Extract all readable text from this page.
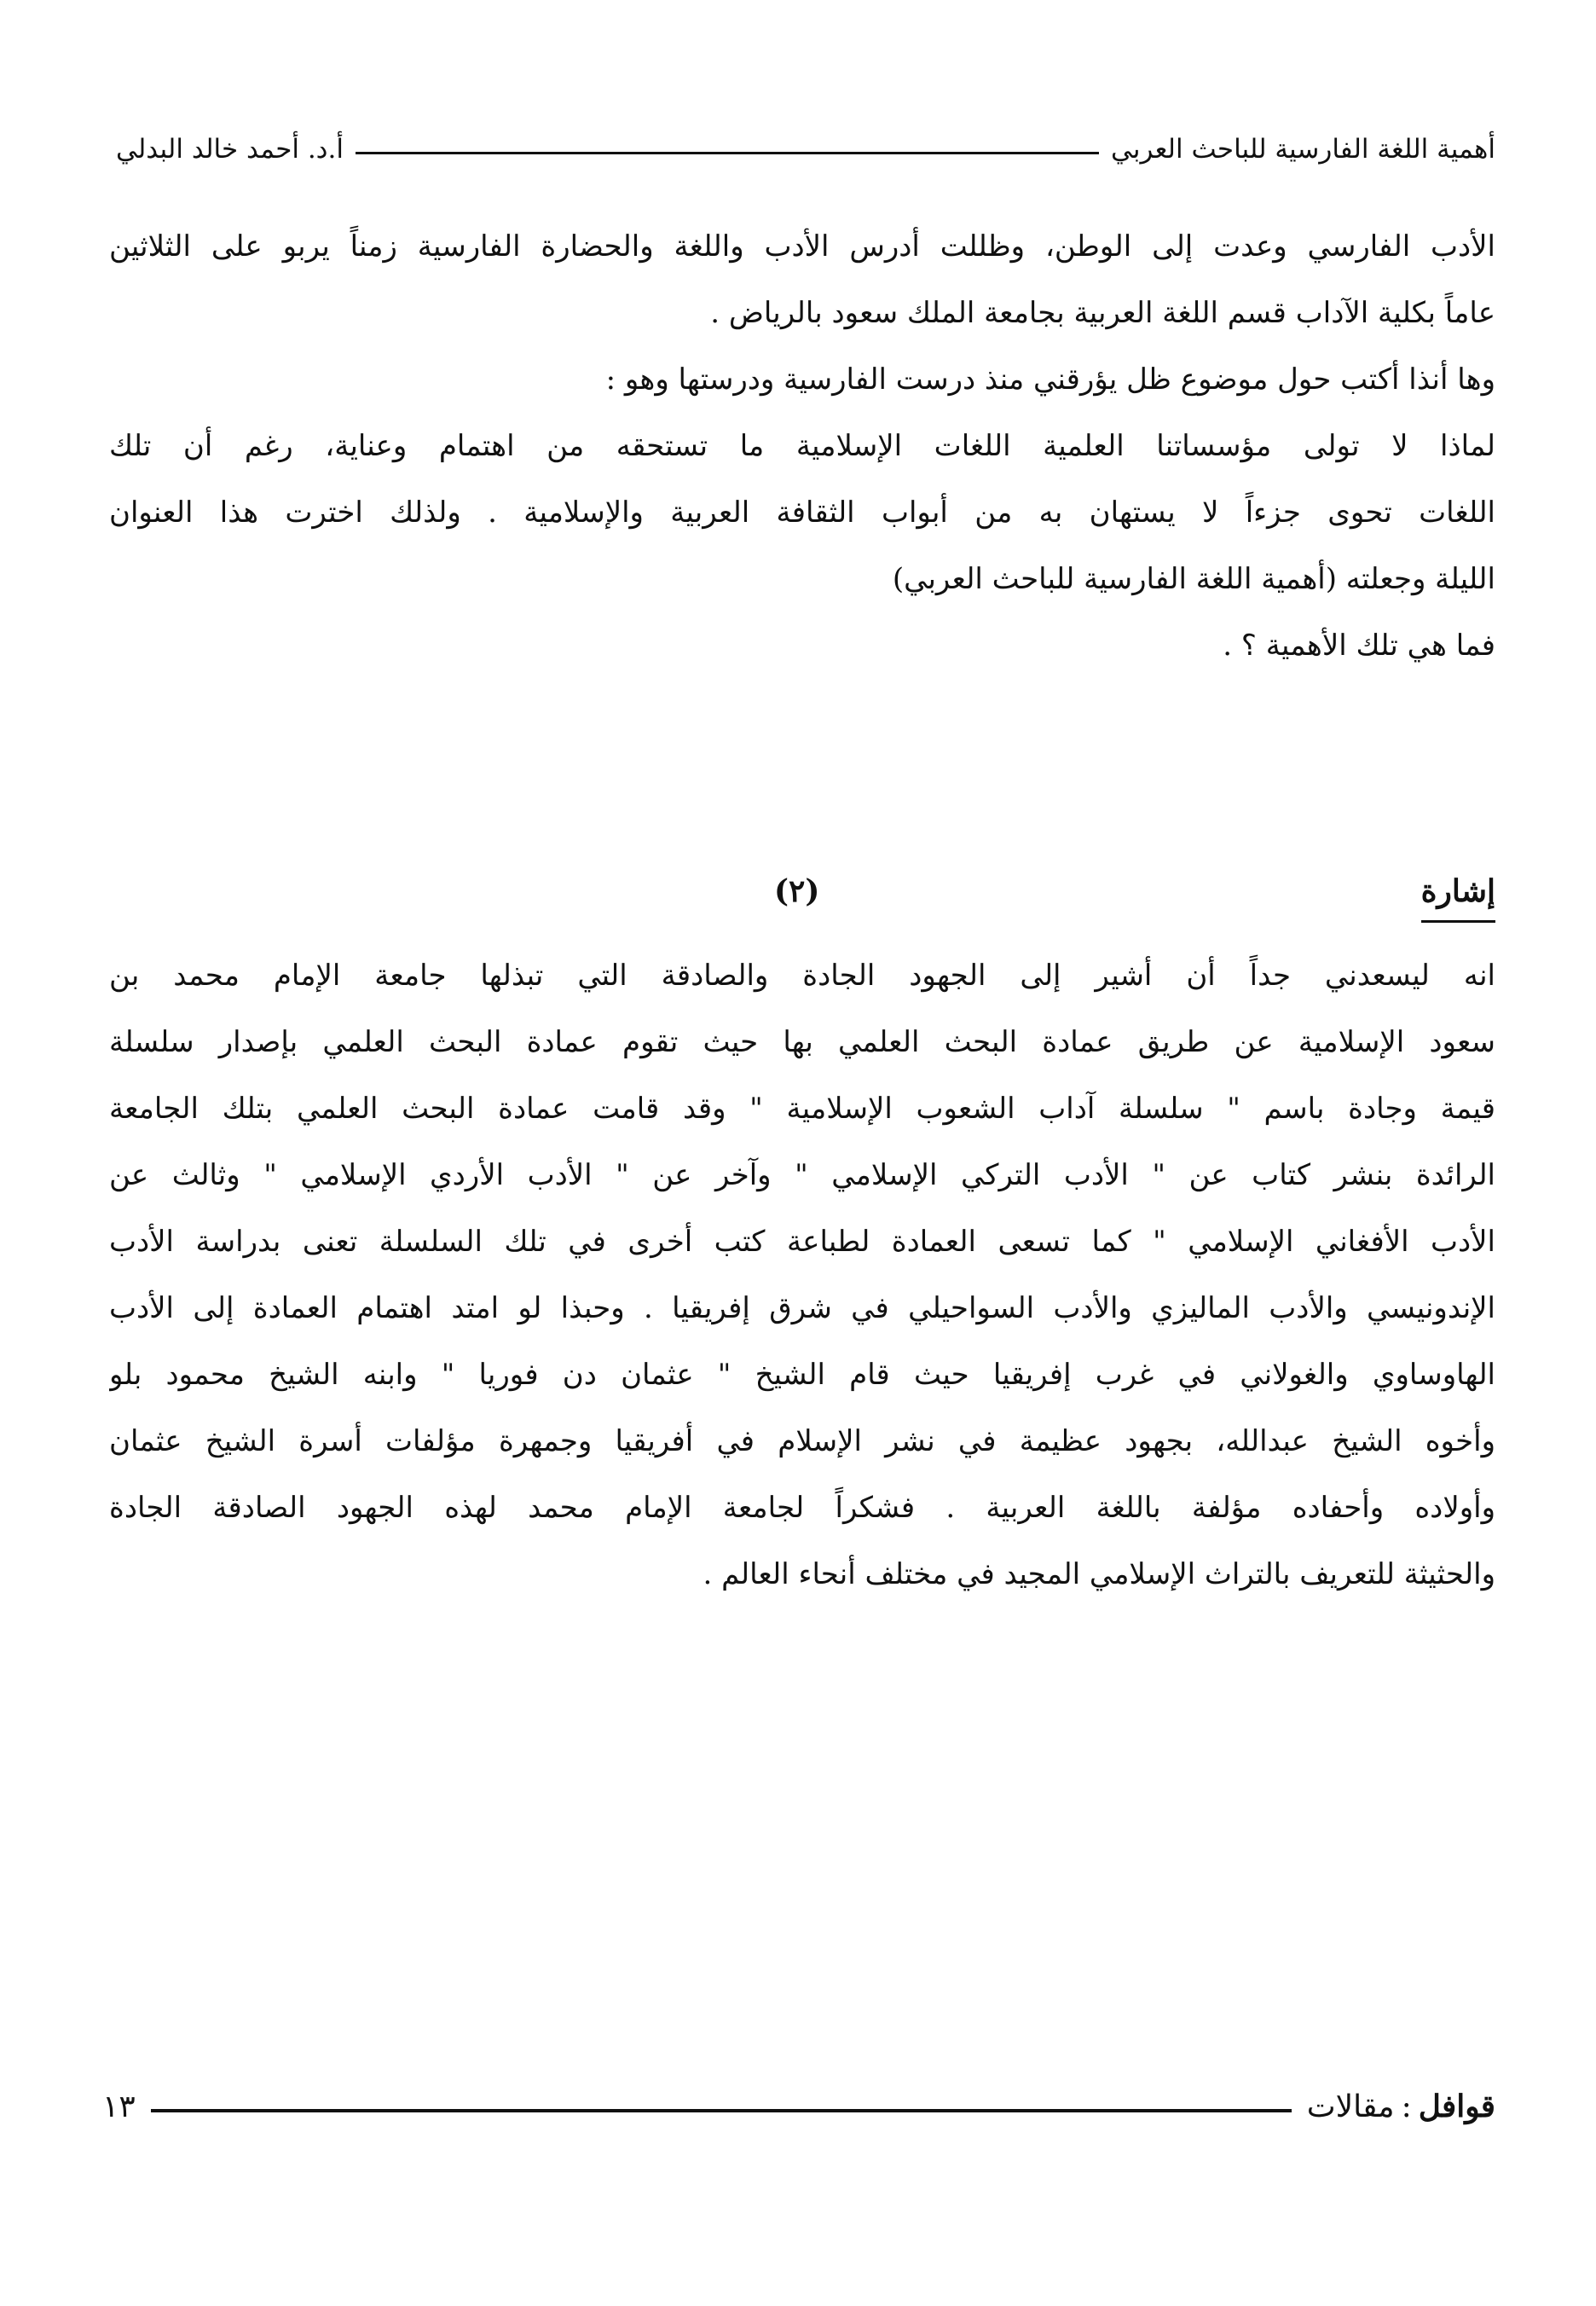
أهمية اللغة الفارسية للباحث العربي
أ.د. أحمد خالد البدلي
الأدب الفارسي وعدت إلى الوطن، وظللت أدرس الأدب واللغة والحضارة الفارسية زمناً يربو على الثلاثين
عاماً بكلية الآداب قسم اللغة العربية بجامعة الملك سعود بالرياض .
وها أنذا أكتب حول موضوع ظل يؤرقني منذ درست الفارسية ودرستها وهو :
لماذا لا تولى مؤسساتنا العلمية اللغات الإسلامية ما تستحقه من اهتمام وعناية، رغم أن تلك
اللغات تحوى جزءاً لا يستهان به من أبواب الثقافة العربية والإسلامية . ولذلك اخترت هذا العنوان
الليلة وجعلته (أهمية اللغة الفارسية للباحث العربي)
فما هي تلك الأهمية ؟ .
إشارة
(٢)
انه ليسعدني جداً أن أشير إلى الجهود الجادة والصادقة التي تبذلها جامعة الإمام محمد بن
سعود الإسلامية عن طريق عمادة البحث العلمي بها حيث تقوم عمادة البحث العلمي بإصدار سلسلة
قيمة وجادة باسم " سلسلة آداب الشعوب الإسلامية " وقد قامت عمادة البحث العلمي بتلك الجامعة
الرائدة بنشر كتاب عن " الأدب التركي الإسلامي " وآخر عن " الأدب الأردي الإسلامي " وثالث عن
الأدب الأفغاني الإسلامي " كما تسعى العمادة لطباعة كتب أخرى في تلك السلسلة تعنى بدراسة الأدب
الإندونيسي والأدب الماليزي والأدب السواحيلي في شرق إفريقيا . وحبذا لو امتد اهتمام العمادة إلى الأدب
الهاوساوي والغولاني في غرب إفريقيا حيث قام الشيخ " عثمان دن فوريا " وابنه الشيخ محمود بلو
وأخوه الشيخ عبدالله، بجهود عظيمة في نشر الإسلام في أفريقيا وجمهرة مؤلفات أسرة الشيخ عثمان
وأولاده وأحفاده مؤلفة باللغة العربية . فشكراً لجامعة الإمام محمد لهذه الجهود الصادقة الجادة
والحثيثة للتعريف بالتراث الإسلامي المجيد في مختلف أنحاء العالم .
قوافل
:
مقالات
١٣
